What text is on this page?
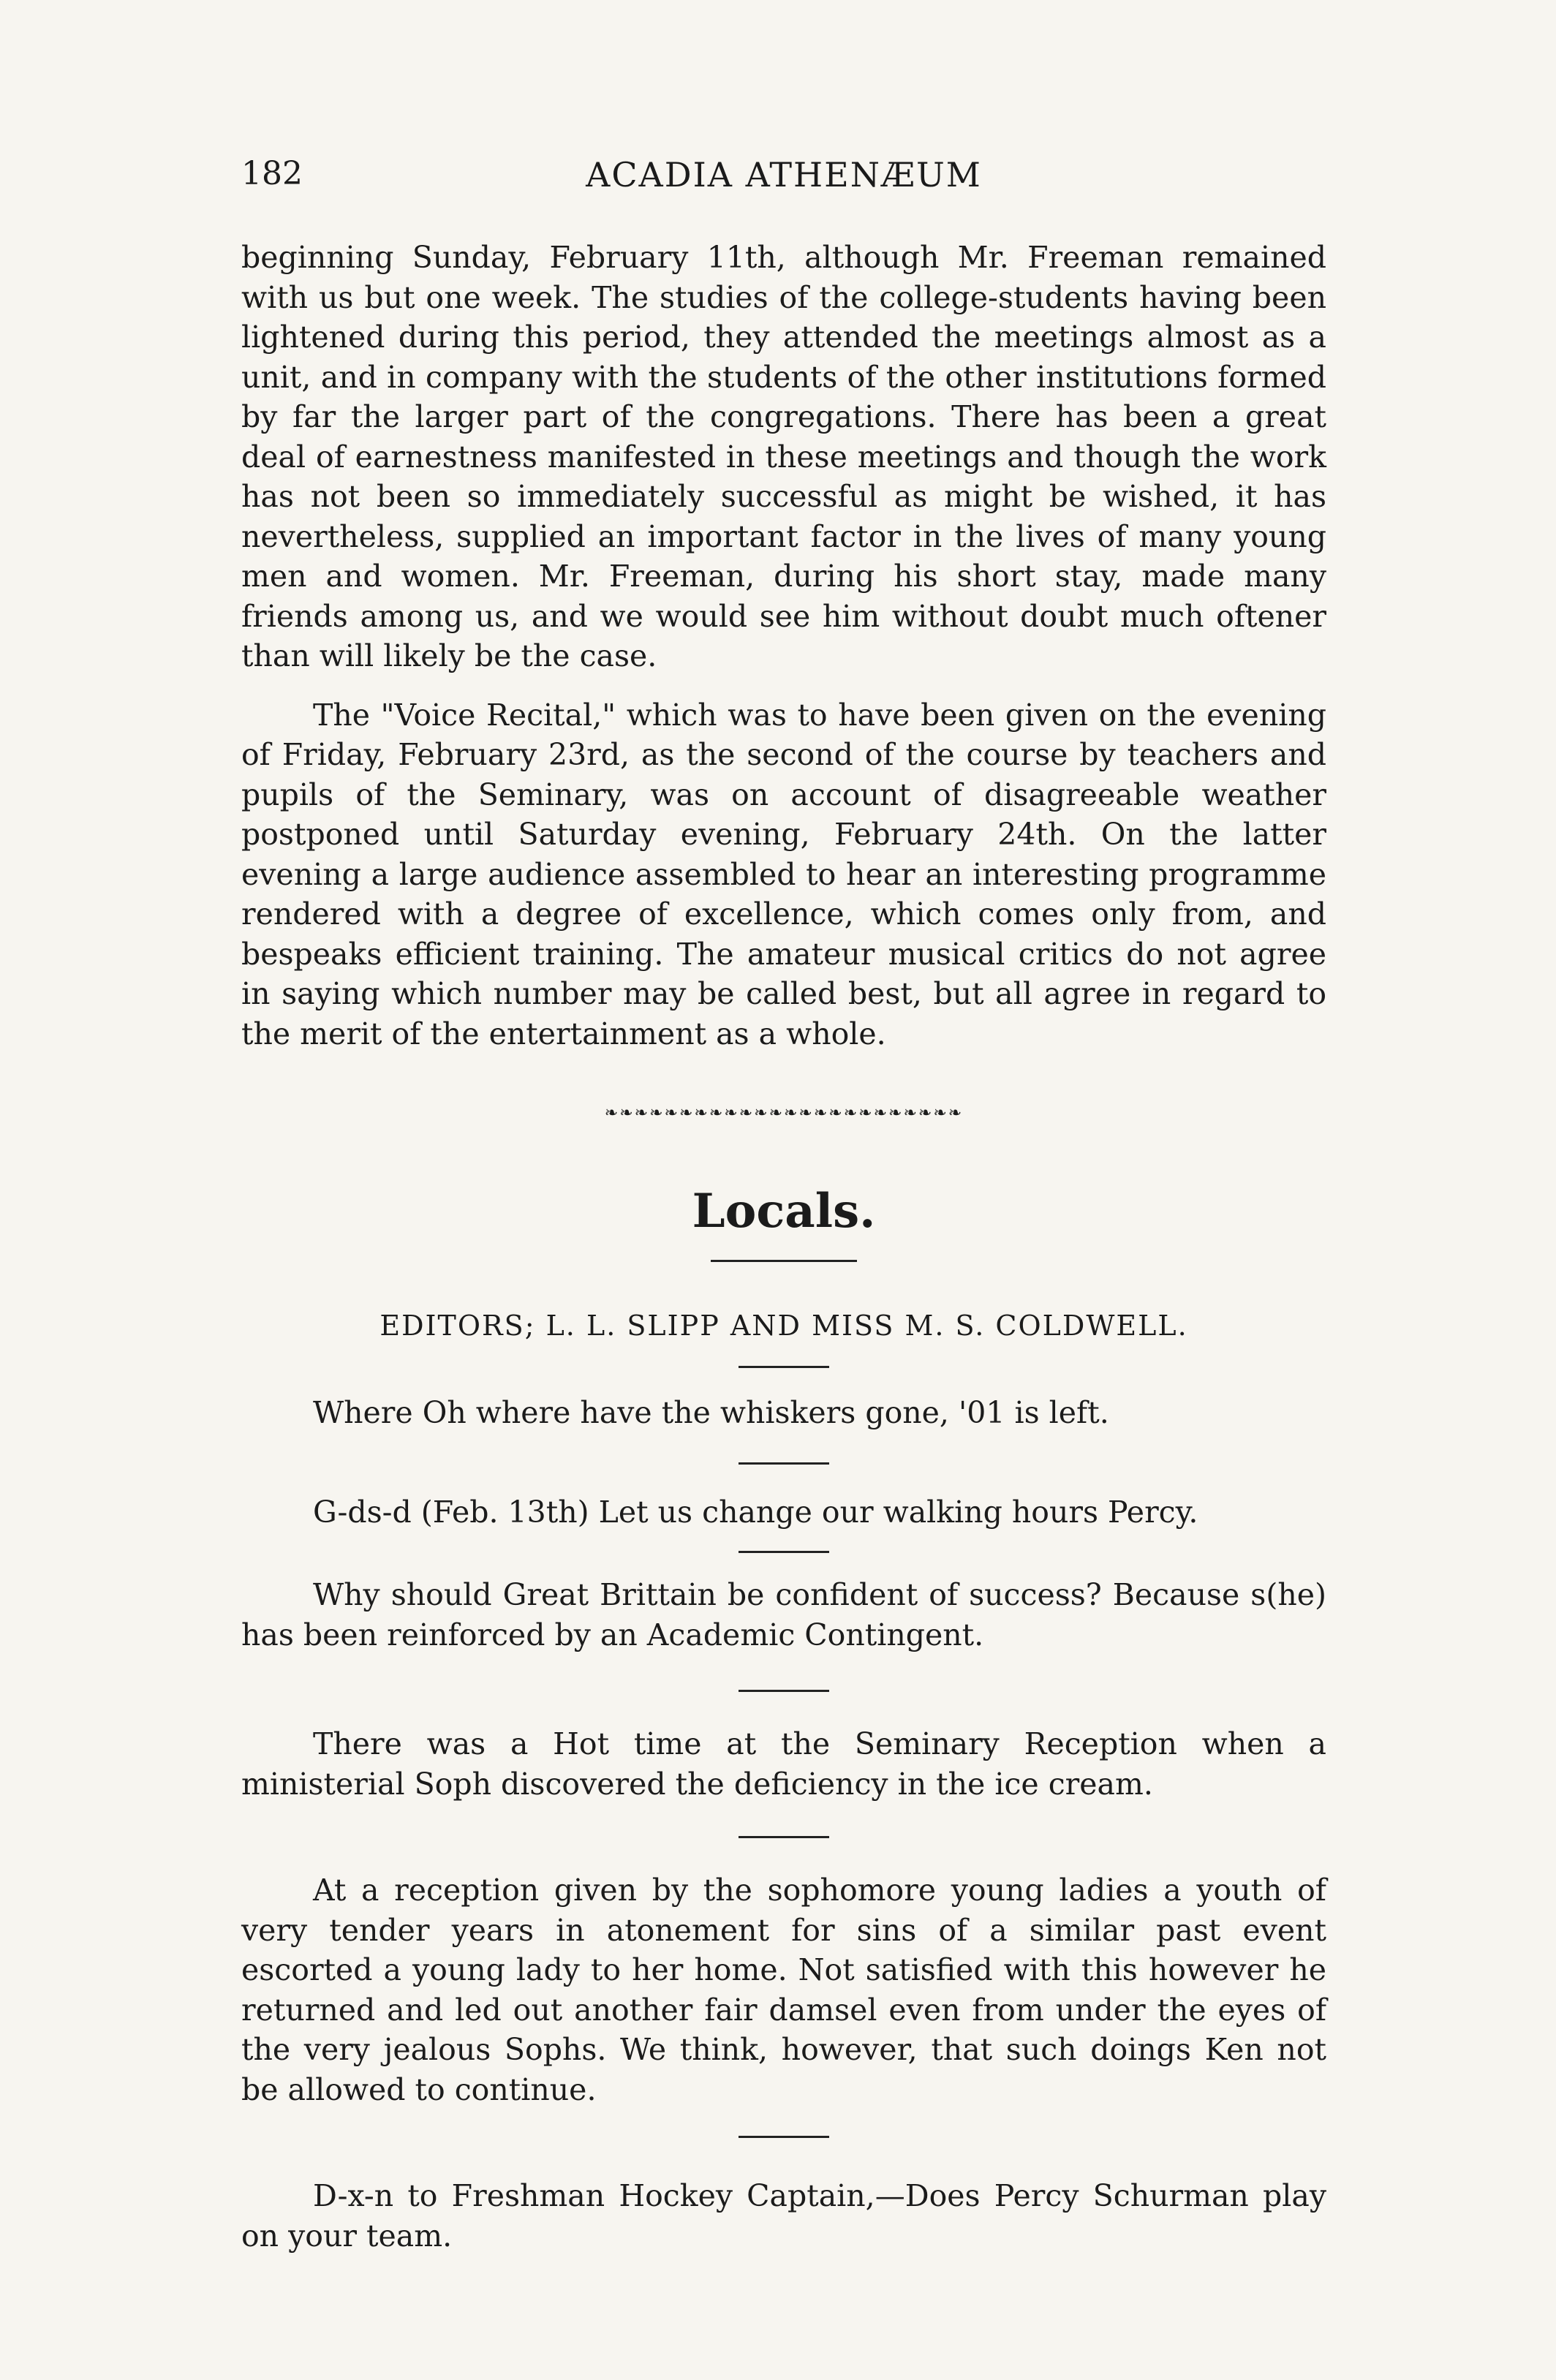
182	ACADIA ATHENÆUM

beginning Sunday, February 11th, although Mr. Freeman remained with us but one week. The studies of the college-students having been lightened during this period, they attended the meetings almost as a unit, and in company with the students of the other institutions formed by far the larger part of the congregations. There has been a great deal of earnestness manifested in these meetings and though the work has not been so immediately successful as might be wished, it has nevertheless, supplied an important factor in the lives of many young men and women. Mr. Freeman, during his short stay, made many friends among us, and we would see him without doubt much oftener than will likely be the case.

The "Voice Recital," which was to have been given on the evening of Friday, February 23rd, as the second of the course by teachers and pupils of the Seminary, was on account of disagreeable weather postponed until Saturday evening, February 24th. On the latter evening a large audience assembled to hear an interesting programme rendered with a degree of excellence, which comes only from, and bespeaks efficient training. The amateur musical critics do not agree in saying which number may be called best, but all agree in regard to the merit of the entertainment as a whole.

❧❧❧❧❧❧❧❧❧❧❧❧❧❧❧❧❧❧❧❧❧❧❧❧
Locals.
EDITORS; L. L. SLIPP AND MISS M. S. COLDWELL.

Where Oh where have the whiskers gone, '01 is left.

G-ds-d (Feb. 13th) Let us change our walking hours Percy.

Why should Great Brittain be confident of success? Because s(he) has been reinforced by an Academic Contingent.

There was a Hot time at the Seminary Reception when a ministerial Soph discovered the deficiency in the ice cream.

At a reception given by the sophomore young ladies a youth of very tender years in atonement for sins of a similar past event escorted a young lady to her home. Not satisfied with this however he returned and led out another fair damsel even from under the eyes of the very jealous Sophs. We think, however, that such doings Ken not be allowed to continue.

D-x-n to Freshman Hockey Captain,—Does Percy Schurman play on your team.
